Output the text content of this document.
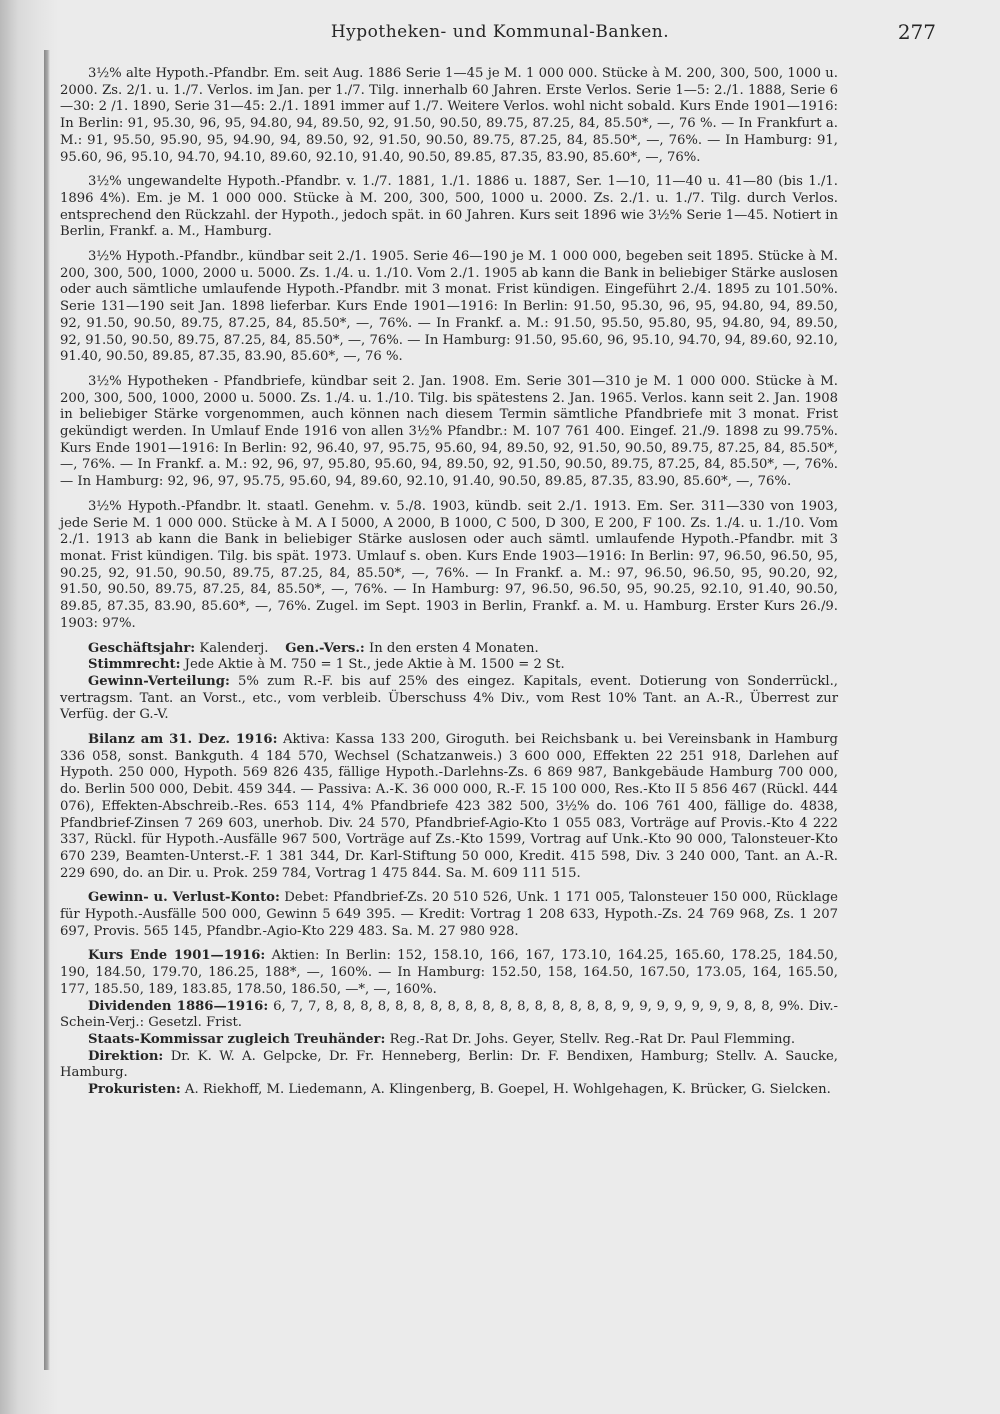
Hypotheken- und Kommunal-Banken.	277

3½% alte Hypoth.-Pfandbr. Em. seit Aug. 1886 Serie 1—45 je M. 1 000 000. Stücke à M. 200, 300, 500, 1000 u. 2000. Zs. 2/1. u. 1./7. Verlos. im Jan. per 1./7. Tilg. innerhalb 60 Jahren. Erste Verlos. Serie 1—5: 2./1. 1888, Serie 6—30: 2 /1. 1890, Serie 31—45: 2./1. 1891 immer auf 1./7. Weitere Verlos. wohl nicht sobald. Kurs Ende 1901—1916: In Berlin: 91, 95.30, 96, 95, 94.80, 94, 89.50, 92, 91.50, 90.50, 89.75, 87.25, 84, 85.50*, —, 76 %. — In Frankfurt a. M.: 91, 95.50, 95.90, 95, 94.90, 94, 89.50, 92, 91.50, 90.50, 89.75, 87.25, 84, 85.50*, —, 76%. — In Hamburg: 91, 95.60, 96, 95.10, 94.70, 94.10, 89.60, 92.10, 91.40, 90.50, 89.85, 87.35, 83.90, 85.60*, —, 76%.

3½% ungewandelte Hypoth.-Pfandbr. v. 1./7. 1881, 1./1. 1886 u. 1887, Ser. 1—10, 11—40 u. 41—80 (bis 1./1. 1896 4%). Em. je M. 1 000 000. Stücke à M. 200, 300, 500, 1000 u. 2000. Zs. 2./1. u. 1./7. Tilg. durch Verlos. entsprechend den Rückzahl. der Hypoth., jedoch spät. in 60 Jahren. Kurs seit 1896 wie 3½% Serie 1—45. Notiert in Berlin, Frankf. a. M., Hamburg.

3½% Hypoth.-Pfandbr., kündbar seit 2./1. 1905. Serie 46—190 je M. 1 000 000, begeben seit 1895. Stücke à M. 200, 300, 500, 1000, 2000 u. 5000. Zs. 1./4. u. 1./10. Vom 2./1. 1905 ab kann die Bank in beliebiger Stärke auslosen oder auch sämtliche umlaufende Hypoth.-Pfandbr. mit 3 monat. Frist kündigen. Eingeführt 2./4. 1895 zu 101.50%. Serie 131—190 seit Jan. 1898 lieferbar. Kurs Ende 1901—1916: In Berlin: 91.50, 95.30, 96, 95, 94.80, 94, 89.50, 92, 91.50, 90.50, 89.75, 87.25, 84, 85.50*, —, 76%. — In Frankf. a. M.: 91.50, 95.50, 95.80, 95, 94.80, 94, 89.50, 92, 91.50, 90.50, 89.75, 87.25, 84, 85.50*, —, 76%. — In Hamburg: 91.50, 95.60, 96, 95.10, 94.70, 94, 89.60, 92.10, 91.40, 90.50, 89.85, 87.35, 83.90, 85.60*, —, 76 %.

3½% Hypotheken - Pfandbriefe, kündbar seit 2. Jan. 1908. Em. Serie 301—310 je M. 1 000 000. Stücke à M. 200, 300, 500, 1000, 2000 u. 5000. Zs. 1./4. u. 1./10. Tilg. bis spätestens 2. Jan. 1965. Verlos. kann seit 2. Jan. 1908 in beliebiger Stärke vorgenommen, auch können nach diesem Termin sämtliche Pfandbriefe mit 3 monat. Frist gekündigt werden. In Umlauf Ende 1916 von allen 3½% Pfandbr.: M. 107 761 400. Eingef. 21./9. 1898 zu 99.75%. Kurs Ende 1901—1916: In Berlin: 92, 96.40, 97, 95.75, 95.60, 94, 89.50, 92, 91.50, 90.50, 89.75, 87.25, 84, 85.50*, —, 76%. — In Frankf. a. M.: 92, 96, 97, 95.80, 95.60, 94, 89.50, 92, 91.50, 90.50, 89.75, 87.25, 84, 85.50*, —, 76%. — In Hamburg: 92, 96, 97, 95.75, 95.60, 94, 89.60, 92.10, 91.40, 90.50, 89.85, 87.35, 83.90, 85.60*, —, 76%.

3½% Hypoth.-Pfandbr. lt. staatl. Genehm. v. 5./8. 1903, kündb. seit 2./1. 1913. Em. Ser. 311—330 von 1903, jede Serie M. 1 000 000. Stücke à M. A I 5000, A 2000, B 1000, C 500, D 300, E 200, F 100. Zs. 1./4. u. 1./10. Vom 2./1. 1913 ab kann die Bank in beliebiger Stärke auslosen oder auch sämtl. umlaufende Hypoth.-Pfandbr. mit 3 monat. Frist kündigen. Tilg. bis spät. 1973. Umlauf s. oben. Kurs Ende 1903—1916: In Berlin: 97, 96.50, 96.50, 95, 90.25, 92, 91.50, 90.50, 89.75, 87.25, 84, 85.50*, —, 76%. — In Frankf. a. M.: 97, 96.50, 96.50, 95, 90.20, 92, 91.50, 90.50, 89.75, 87.25, 84, 85.50*, —, 76%. — In Hamburg: 97, 96.50, 96.50, 95, 90.25, 92.10, 91.40, 90.50, 89.85, 87.35, 83.90, 85.60*, —, 76%. Zugel. im Sept. 1903 in Berlin, Frankf. a. M. u. Hamburg. Erster Kurs 26./9. 1903: 97%.

Geschäftsjahr: Kalenderj. Gen.-Vers.: In den ersten 4 Monaten.

Stimmrecht: Jede Aktie à M. 750 = 1 St., jede Aktie à M. 1500 = 2 St.

Gewinn-Verteilung: 5% zum R.-F. bis auf 25% des eingez. Kapitals, event. Dotierung von Sonderrückl., vertragsm. Tant. an Vorst., etc., vom verbleib. Überschuss 4% Div., vom Rest 10% Tant. an A.-R., Überrest zur Verfüg. der G.-V.

Bilanz am 31. Dez. 1916: Aktiva: Kassa 133 200, Giroguth. bei Reichsbank u. bei Vereinsbank in Hamburg 336 058, sonst. Bankguth. 4 184 570, Wechsel (Schatzanweis.) 3 600 000, Effekten 22 251 918, Darlehen auf Hypoth. 250 000, Hypoth. 569 826 435, fällige Hypoth.-Darlehns-Zs. 6 869 987, Bankgebäude Hamburg 700 000, do. Berlin 500 000, Debit. 459 344. — Passiva: A.-K. 36 000 000, R.-F. 15 100 000, Res.-Kto II 5 856 467 (Rückl. 444 076), Effekten-Abschreib.-Res. 653 114, 4% Pfandbriefe 423 382 500, 3½% do. 106 761 400, fällige do. 4838, Pfandbrief-Zinsen 7 269 603, unerhob. Div. 24 570, Pfandbrief-Agio-Kto 1 055 083, Vorträge auf Provis.-Kto 4 222 337, Rückl. für Hypoth.-Ausfälle 967 500, Vorträge auf Zs.-Kto 1599, Vortrag auf Unk.-Kto 90 000, Talonsteuer-Kto 670 239, Beamten-Unterst.-F. 1 381 344, Dr. Karl-Stiftung 50 000, Kredit. 415 598, Div. 3 240 000, Tant. an A.-R. 229 690, do. an Dir. u. Prok. 259 784, Vortrag 1 475 844. Sa. M. 609 111 515.

Gewinn- u. Verlust-Konto: Debet: Pfandbrief-Zs. 20 510 526, Unk. 1 171 005, Talonsteuer 150 000, Rücklage für Hypoth.-Ausfälle 500 000, Gewinn 5 649 395. — Kredit: Vortrag 1 208 633, Hypoth.-Zs. 24 769 968, Zs. 1 207 697, Provis. 565 145, Pfandbr.-Agio-Kto 229 483. Sa. M. 27 980 928.

Kurs Ende 1901—1916: Aktien: In Berlin: 152, 158.10, 166, 167, 173.10, 164.25, 165.60, 178.25, 184.50, 190, 184.50, 179.70, 186.25, 188*, —, 160%. — In Hamburg: 152.50, 158, 164.50, 167.50, 173.05, 164, 165.50, 177, 185.50, 189, 183.85, 178.50, 186.50, —*, —, 160%.

Dividenden 1886—1916: 6, 7, 7, 8, 8, 8, 8, 8, 8, 8, 8, 8, 8, 8, 8, 8, 8, 8, 8, 8, 9, 9, 9, 9, 9, 9, 9, 8, 8, 9%. Div.-Schein-Verj.: Gesetzl. Frist.

Staats-Kommissar zugleich Treuhänder: Reg.-Rat Dr. Johs. Geyer, Stellv. Reg.-Rat Dr. Paul Flemming.

Direktion: Dr. K. W. A. Gelpcke, Dr. Fr. Henneberg, Berlin: Dr. F. Bendixen, Hamburg; Stellv. A. Saucke, Hamburg.

Prokuristen: A. Riekhoff, M. Liedemann, A. Klingenberg, B. Goepel, H. Wohlgehagen, K. Brücker, G. Sielcken.
